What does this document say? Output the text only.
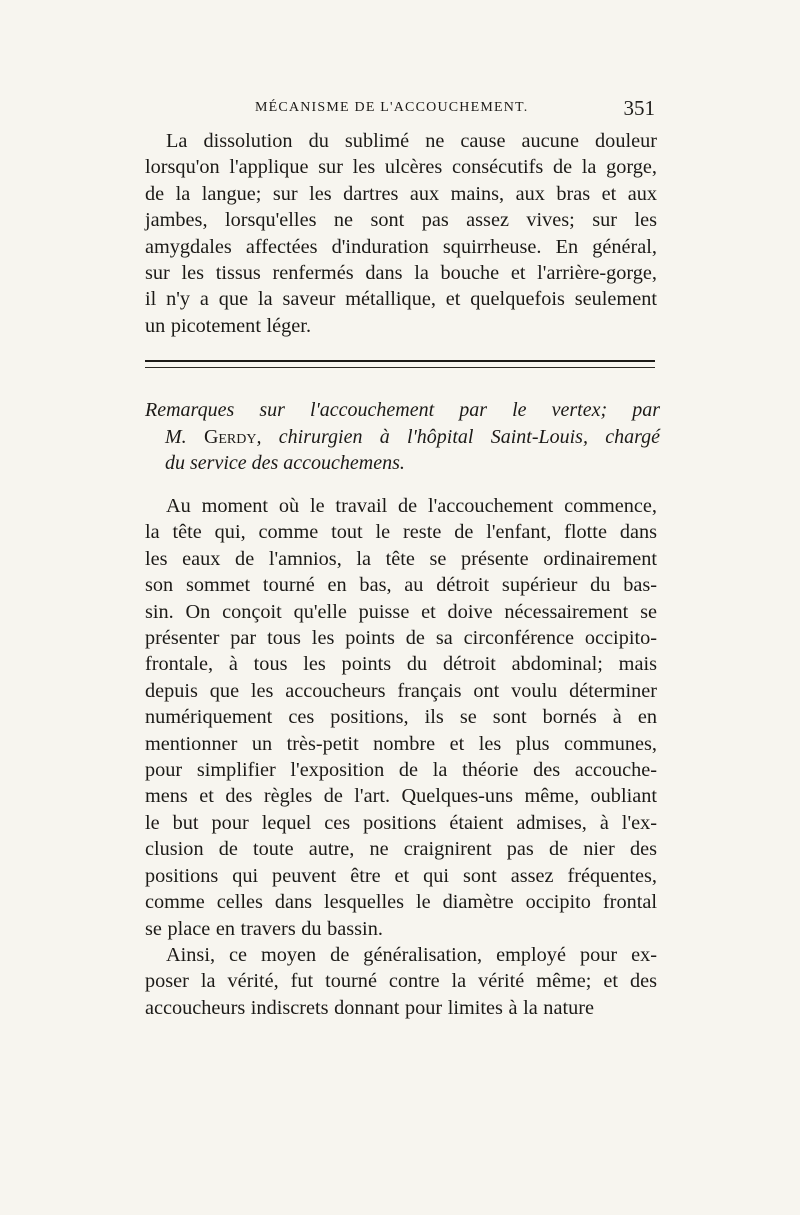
MÉCANISME DE L'ACCOUCHEMENT.	351

La dissolution du sublimé ne cause aucune douleur

lorsqu'on l'applique sur les ulcères consécutifs de la gorge,

de la langue; sur les dartres aux mains, aux bras et aux

jambes, lorsqu'elles ne sont pas assez vives; sur les

amygdales affectées d'induration squirrheuse. En général,

sur les tissus renfermés dans la bouche et l'arrière-gorge,

il n'y a que la saveur métallique, et quelquefois seulement

un picotement léger.

Remarques sur l'accouchement par le vertex; par

M. Gerdy, chirurgien à l'hôpital Saint-Louis, chargé

du service des accouchemens.

Au moment où le travail de l'accouchement commence,

la tête qui, comme tout le reste de l'enfant, flotte dans

les eaux de l'amnios, la tête se présente ordinairement

son sommet tourné en bas, au détroit supérieur du bas-

sin. On conçoit qu'elle puisse et doive nécessairement se

présenter par tous les points de sa circonférence occipito-

frontale, à tous les points du détroit abdominal; mais

depuis que les accoucheurs français ont voulu déterminer

numériquement ces positions, ils se sont bornés à en

mentionner un très-petit nombre et les plus communes,

pour simplifier l'exposition de la théorie des accouche-

mens et des règles de l'art. Quelques-uns même, oubliant

le but pour lequel ces positions étaient admises, à l'ex-

clusion de toute autre, ne craignirent pas de nier des

positions qui peuvent être et qui sont assez fréquentes,

comme celles dans lesquelles le diamètre occipito frontal

se place en travers du bassin.

Ainsi, ce moyen de généralisation, employé pour ex-

poser la vérité, fut tourné contre la vérité même; et des

accoucheurs indiscrets donnant pour limites à la nature
